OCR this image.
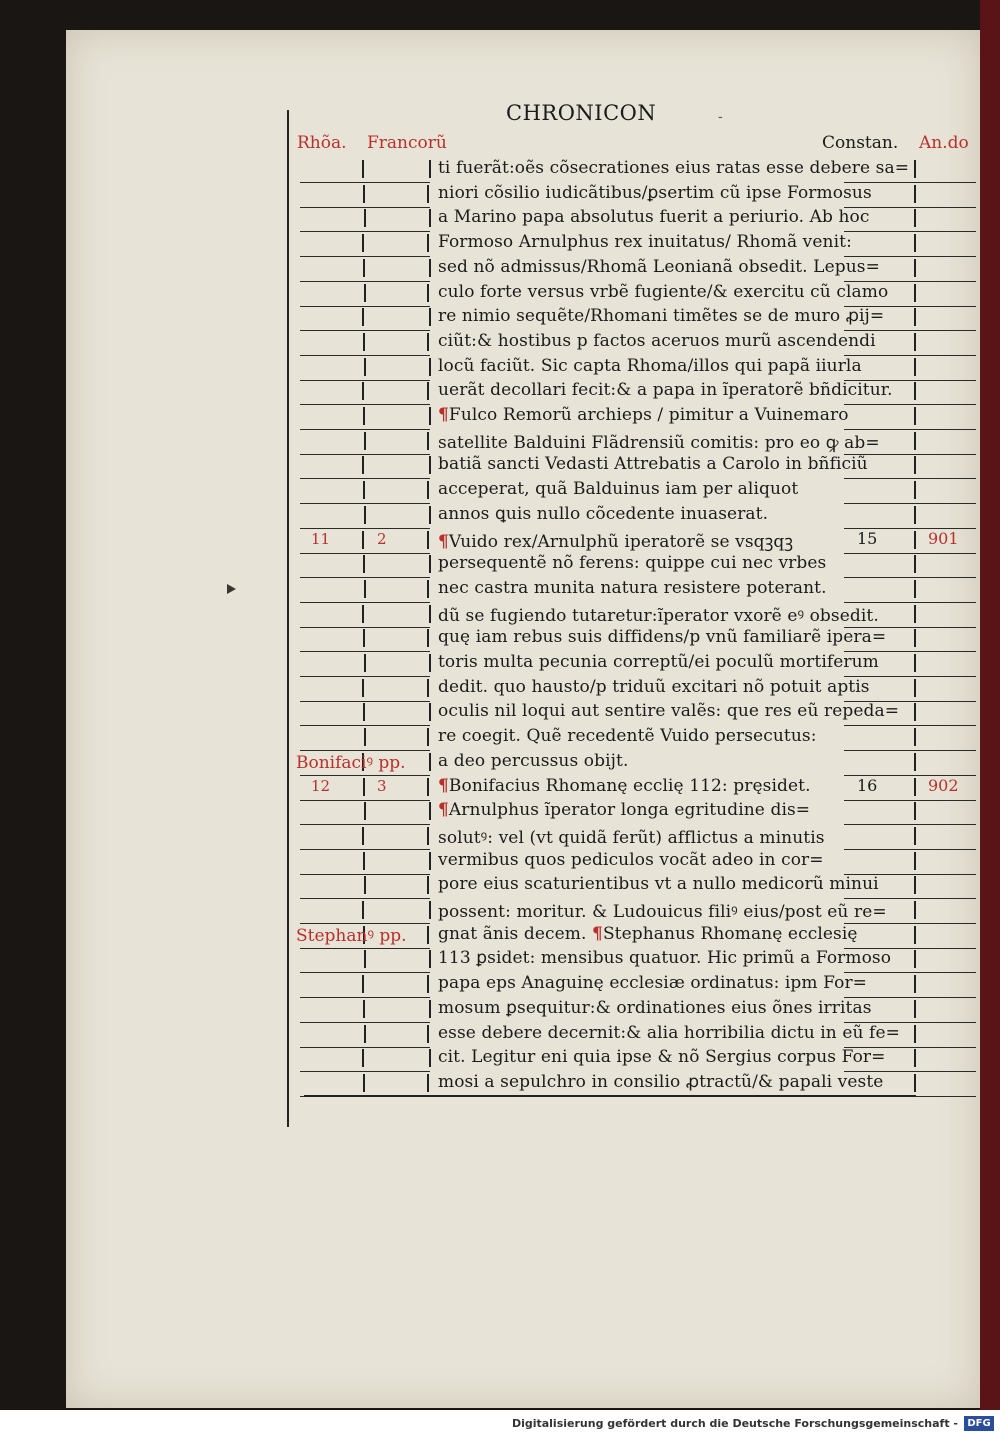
CHRONICON	-
Rhõa. Francorũ	Constan. An.do
ti fuerãt:oẽs cõsecrationes eius ratas esse debere sa=
niori cõsilio iudicãtibus/ꝑsertim cũ ipse Formosus
a Marino papa absolutus fuerit a periurio. Ab hoc
Formoso Arnulphus rex inuitatus/ Rhomã venit:
sed nõ admissus/Rhomã Leonianã obsedit. Lepus=
culo forte versus vrbẽ fugiente/& exercitu cũ clamo
re nimio sequẽte/Rhomani timẽtes se de muro ꝓij=
ciũt:& hostibus p factos aceruos murũ ascendendi
locũ faciũt. Sic capta Rhoma/illos qui papã iiurla
uerãt decollari fecit:& a papa in ĩperatorẽ bñdicitur.
¶Fulco Remorũ archieps / pimitur a Vuinemaro
satellite Balduini Flãdrensiũ comitis: pro eo ꝙ ab=
batiã sancti Vedasti Attrebatis a Carolo in bñficiũ
acceperat, quã Balduinus iam per aliquot
annos ꝗuis nullo cõcedente inuaserat.
11	2	15	901
¶Vuido rex/Arnulphũ iperatorẽ se vsqꝫqꝫ
persequentẽ nõ ferens: quippe cui nec vrbes
nec castra munita natura resistere poterant.
dũ se fugiendo tutaretur:ĩperator vxorẽ eꝰ obsedit.
quę iam rebus suis diffidens/p vnũ familiarẽ ipera=
toris multa pecunia correptũ/ei poculũ mortiferum
dedit. quo hausto/p triduũ excitari nõ potuit aptis
oculis nil loqui aut sentire valẽs: que res eũ repeda=
re coegit. Quẽ recedentẽ Vuido persecutus:
Bonifaciꝰ pp. a deo percussus obijt.
12	3	16	902
¶Bonifacius Rhomanę ecclię 112: pręsidet.
¶Arnulphus ĩperator longa egritudine dis=
solutꝰ: vel (vt quidã ferũt) afflictus a minutis
vermibus quos pediculos vocãt adeo in cor=
pore eius scaturientibus vt a nullo medicorũ minui
possent: moritur. & Ludouicus filiꝰ eius/post eũ re=
Stephanꝰ pp. gnat ãnis decem. ¶Stephanus Rhomanę ecclesię
113 ꝑsidet: mensibus quatuor. Hic primũ a Formoso
papa eps Anaguinę ecclesiæ ordinatus: ipm For=
mosum ꝑsequitur:& ordinationes eius õnes irritas
esse debere decernit:& alia horribilia dictu in eũ fe=
cit. Legitur eni quia ipse & nõ Sergius corpus For=
mosi a sepulchro in consilio ꝓtractũ/& papali veste
Digitalisierung gefördert durch die Deutsche Forschungsgemeinschaft - DFG
